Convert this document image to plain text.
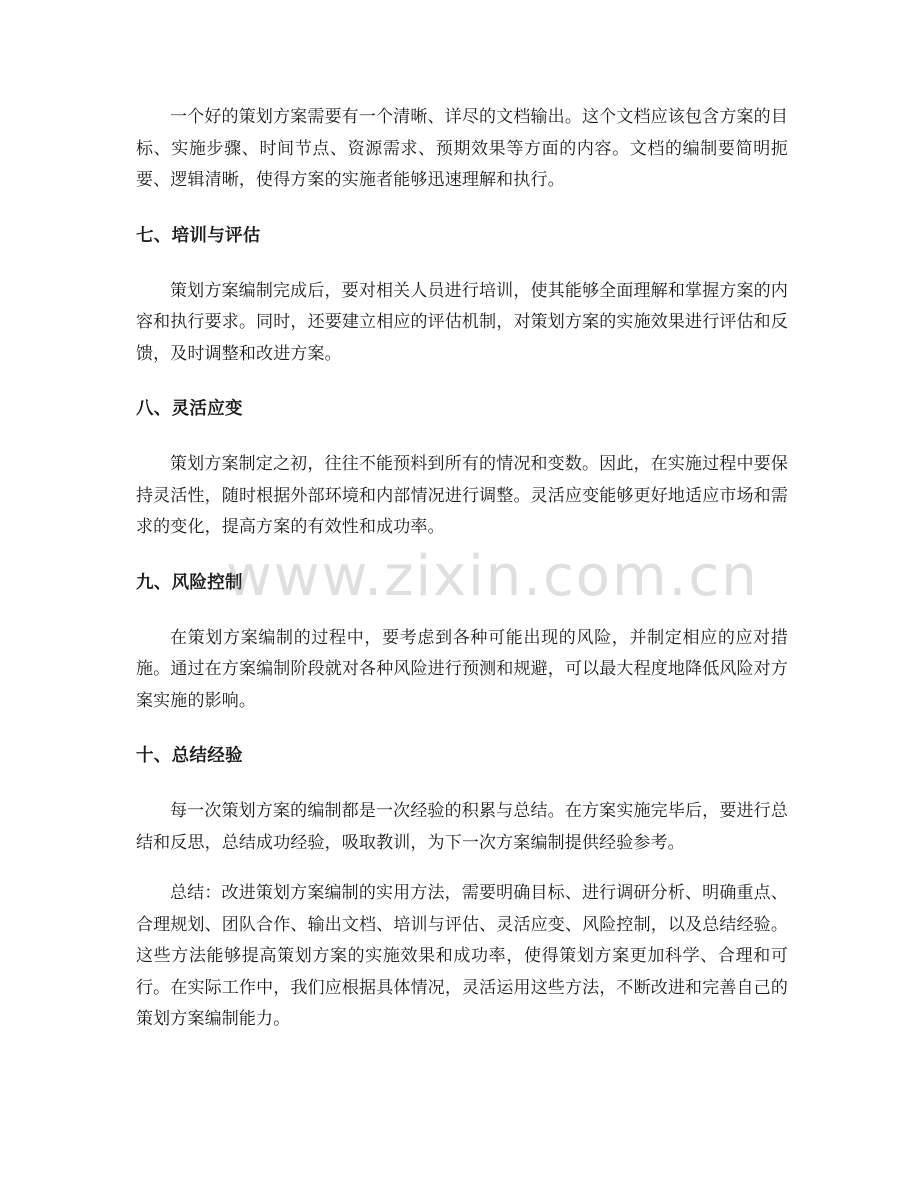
一个好的策划方案需要有一个清晰、详尽的文档输出。这个文档应该包含方案的目标、实施步骤、时间节点、资源需求、预期效果等方面的内容。文档的编制要简明扼要、逻辑清晰，使得方案的实施者能够迅速理解和执行。

七、培训与评估

策划方案编制完成后，要对相关人员进行培训，使其能够全面理解和掌握方案的内容和执行要求。同时，还要建立相应的评估机制，对策划方案的实施效果进行评估和反馈，及时调整和改进方案。

八、灵活应变

策划方案制定之初，往往不能预料到所有的情况和变数。因此，在实施过程中要保持灵活性，随时根据外部环境和内部情况进行调整。灵活应变能够更好地适应市场和需求的变化，提高方案的有效性和成功率。

九、风险控制

在策划方案编制的过程中，要考虑到各种可能出现的风险，并制定相应的应对措施。通过在方案编制阶段就对各种风险进行预测和规避，可以最大程度地降低风险对方案实施的影响。

十、总结经验

每一次策划方案的编制都是一次经验的积累与总结。在方案实施完毕后，要进行总结和反思，总结成功经验，吸取教训，为下一次方案编制提供经验参考。

总结：改进策划方案编制的实用方法，需要明确目标、进行调研分析、明确重点、合理规划、团队合作、输出文档、培训与评估、灵活应变、风险控制，以及总结经验。这些方法能够提高策划方案的实施效果和成功率，使得策划方案更加科学、合理和可行。在实际工作中，我们应根据具体情况，灵活运用这些方法，不断改进和完善自己的策划方案编制能力。

www.zixin.com.cn
